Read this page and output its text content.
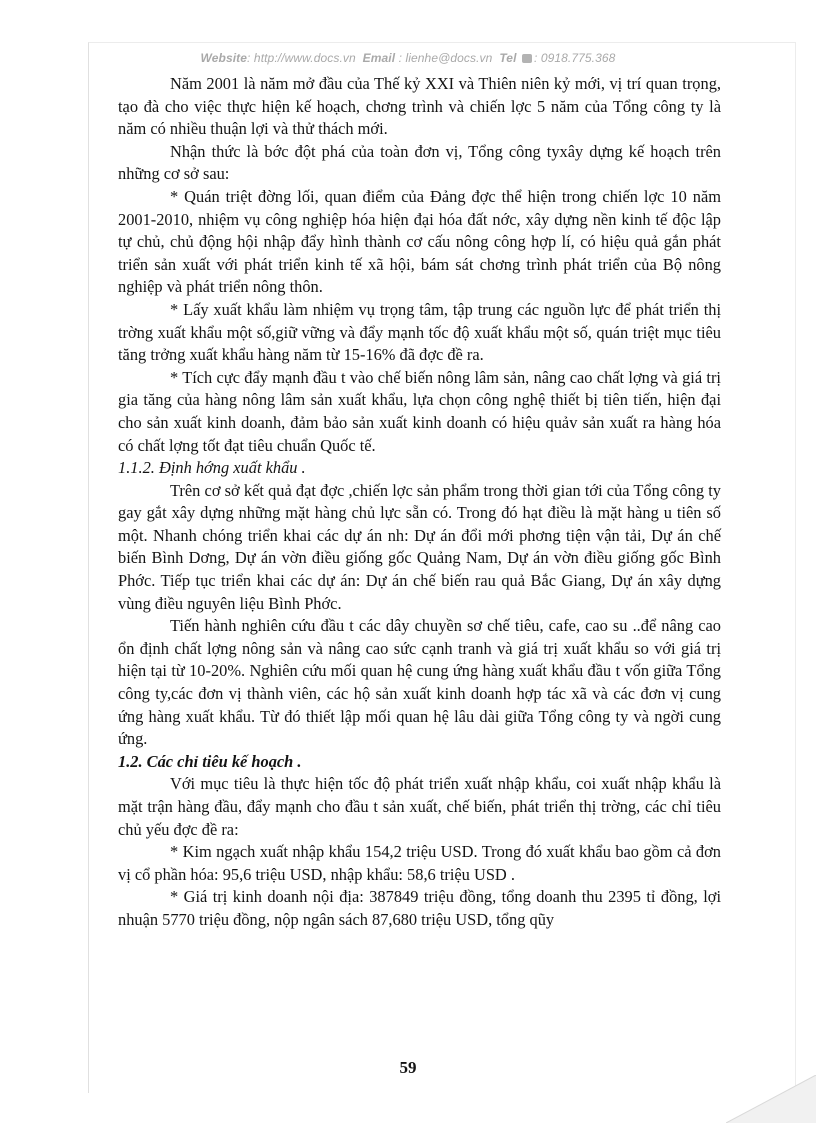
Website: http://www.docs.vn Email : lienhe@docs.vn Tel : 0918.775.368

Năm 2001 là năm mở đầu của Thế kỷ XXI và Thiên niên kỷ mới, vị trí quan trọng, tạo đà cho việc thực hiện kế hoạch, chơng trình và chiến lợc 5 năm của Tổng công ty là năm có nhiều thuận lợi và thử thách mới.

Nhận thức là bớc đột phá của toàn đơn vị, Tổng công tyxây dựng kế hoạch trên những cơ sở sau:

* Quán triệt đờng lối, quan điểm của Đảng đợc thể hiện trong chiến lợc 10 năm 2001-2010, nhiệm vụ công nghiệp hóa hiện đại hóa đất nớc, xây dựng nền kinh tế độc lập tự chủ, chủ động hội nhập đẩy hình thành cơ cấu nông công hợp lí, có hiệu quả gắn phát triển sản xuất với phát triển kinh tế xã hội, bám sát chơng trình phát triển của Bộ nông nghiệp và phát triển nông thôn.

* Lấy xuất khẩu làm nhiệm vụ trọng tâm, tập trung các nguồn lực để phát triển thị trờng xuất khẩu một số,giữ vững và đẩy mạnh tốc độ xuất khẩu một số, quán triệt mục tiêu tăng trởng xuất khẩu hàng năm từ 15-16% đã đợc đề ra.

* Tích cực đẩy mạnh đầu t vào chế biến nông lâm sản, nâng cao chất lợng và giá trị gia tăng của hàng nông lâm sản xuất khẩu, lựa chọn công nghệ thiết bị tiên tiến, hiện đại cho sản xuất kinh doanh, đảm bảo sản xuất kinh doanh có hiệu quảv sản xuất ra hàng hóa có chất lợng tốt đạt tiêu chuẩn Quốc tế.

1.1.2. Định hớng xuất khẩu .

Trên cơ sở kết quả đạt đợc ,chiến lợc sản phẩm trong thời gian tới của Tổng công ty gay gắt xây dựng những mặt hàng chủ lực sẵn có. Trong đó hạt điều là mặt hàng u tiên số một. Nhanh chóng triển khai các dự án nh: Dự án đổi mới phơng tiện vận tải, Dự án chế biến Bình Dơng, Dự án vờn điều giống gốc Quảng Nam, Dự án vờn điều giống gốc Bình Phớc. Tiếp tục triển khai các dự án: Dự án chế biến rau quả Bắc Giang, Dự án xây dựng vùng điều nguyên liệu Bình Phớc.

Tiến hành nghiên cứu đầu t các dây chuyền sơ chế tiêu, cafe, cao su ..để nâng cao ổn định chất lợng nông sản và nâng cao sức cạnh tranh và giá trị xuất khẩu so với giá trị hiện tại từ 10-20%. Nghiên cứu mối quan hệ cung ứng hàng xuất khẩu đầu t vốn giữa Tổng công ty,các đơn vị thành viên, các hộ sản xuất kinh doanh hợp tác xã và các đơn vị cung ứng hàng xuất khẩu. Từ đó thiết lập mối quan hệ lâu dài giữa Tổng công ty và ngời cung ứng.

1.2. Các chỉ tiêu kế hoạch .

Với mục tiêu là thực hiện tốc độ phát triển xuất nhập khẩu, coi xuất nhập khẩu là mặt trận hàng đầu, đẩy mạnh cho đầu t sản xuất, chế biến, phát triển thị trờng, các chỉ tiêu chủ yếu đợc đề ra:

* Kim ngạch xuất nhập khẩu 154,2 triệu USD. Trong đó xuất khẩu bao gồm cả đơn vị cổ phần hóa: 95,6 triệu USD, nhập khẩu: 58,6 triệu USD .

* Giá trị kinh doanh nội địa: 387849 triệu đồng, tổng doanh thu 2395 tỉ đồng, lợi nhuận 5770 triệu đồng, nộp ngân sách 87,680 triệu USD, tổng qũy

59
